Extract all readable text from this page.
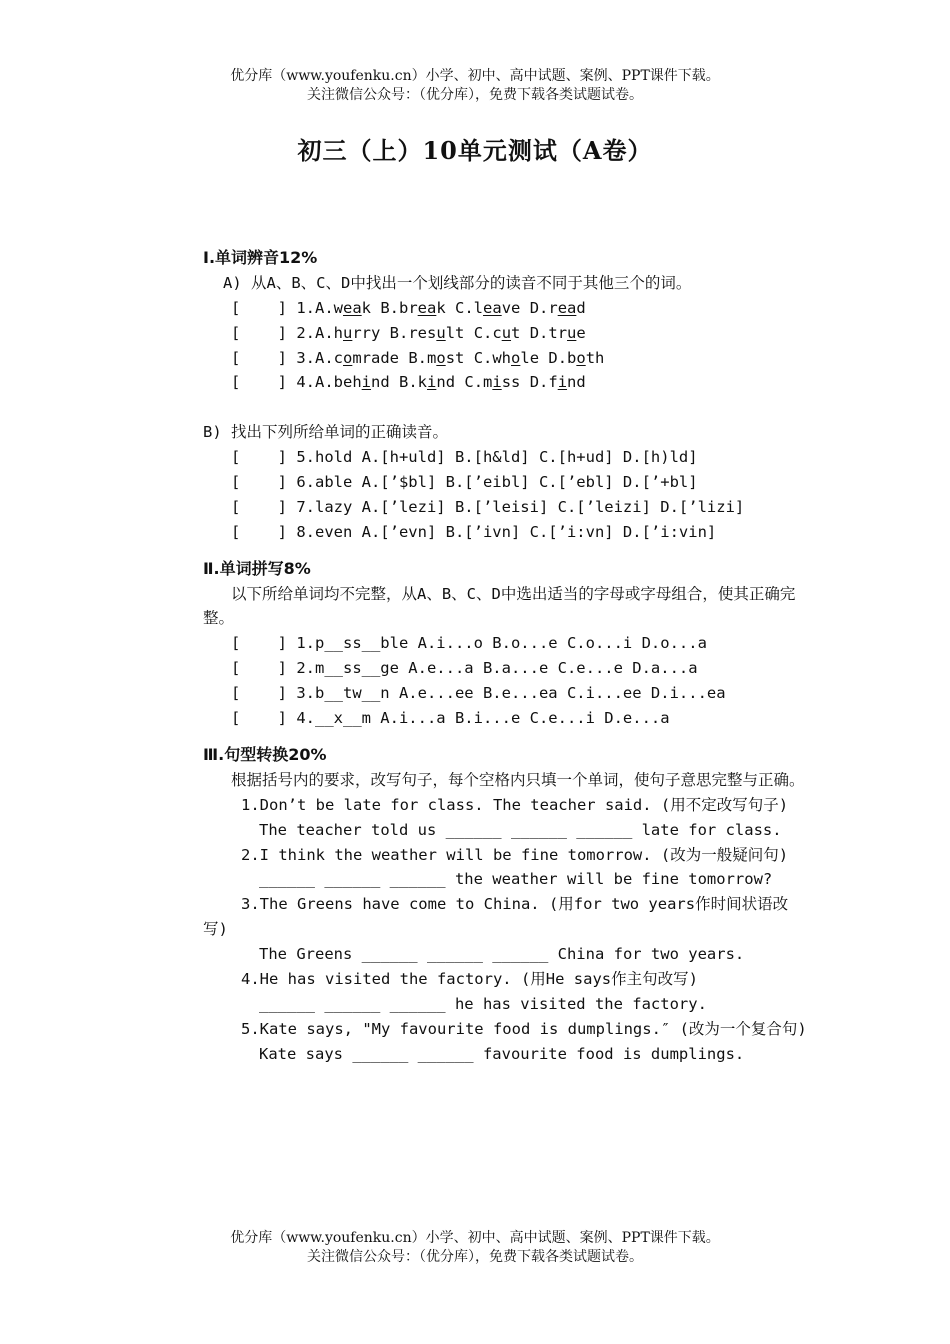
优分库（www.youfenku.cn）小学、初中、高中试题、案例、PPT课件下载。
关注微信公众号：（优分库），免费下载各类试题试卷。
初三（上）10单元测试（A卷）
Ⅰ.单词辨音12%
A) 从A、B、C、D中找出一个划线部分的读音不同于其他三个的词。
[    ] 1.A.weak B.break C.leave D.read
[    ] 2.A.hurry B.result C.cut D.true
[    ] 3.A.comrade B.most C.whole D.both
[    ] 4.A.behind B.kind C.miss D.find
B) 找出下列所给单词的正确读音。
[    ] 5.hold A.[h+uld] B.[h&ld] C.[h+ud] D.[h)ld]
[    ] 6.able A.[’$bl] B.[’eibl] C.[’ebl] D.[’+bl]
[    ] 7.lazy A.[’lezi] B.[’leisi] C.[’leizi] D.[’lizi]
[    ] 8.even A.[’evn] B.[’ivn] C.[’i:vn] D.[’i:vin]
Ⅱ.单词拼写8%
以下所给单词均不完整，从A、B、C、D中选出适当的字母或字母组合，使其正确完整。
[    ] 1.p__ss__ble A.i...o B.o...e C.o...i D.o...a
[    ] 2.m__ss__ge A.e...a B.a...e C.e...e D.a...a
[    ] 3.b__tw__n A.e...ee B.e...ea C.i...ee D.i...ea
[    ] 4.__x__m A.i...a B.i...e C.e...i D.e...a
Ⅲ.句型转换20%
根据括号内的要求，改写句子，每个空格内只填一个单词，使句子意思完整与正确。
1.Don’t be late for class. The teacher said. (用不定改写句子)
The teacher told us ______ ______ ______ late for class.
2.I think the weather will be fine tomorrow. (改为一般疑问句)
______ ______ ______ the weather will be fine tomorrow?
3.The Greens have come to China. (用for two years作时间状语改写)
The Greens ______ ______ ______ China for two years.
4.He has visited the factory. (用He says作主句改写)
______ ______ ______ he has visited the factory.
5.Kate says, "My favourite food is dumplings.″ (改为一个复合句)
Kate says ______ ______ favourite food is dumplings.
优分库（www.youfenku.cn）小学、初中、高中试题、案例、PPT课件下载。
关注微信公众号：（优分库），免费下载各类试题试卷。
